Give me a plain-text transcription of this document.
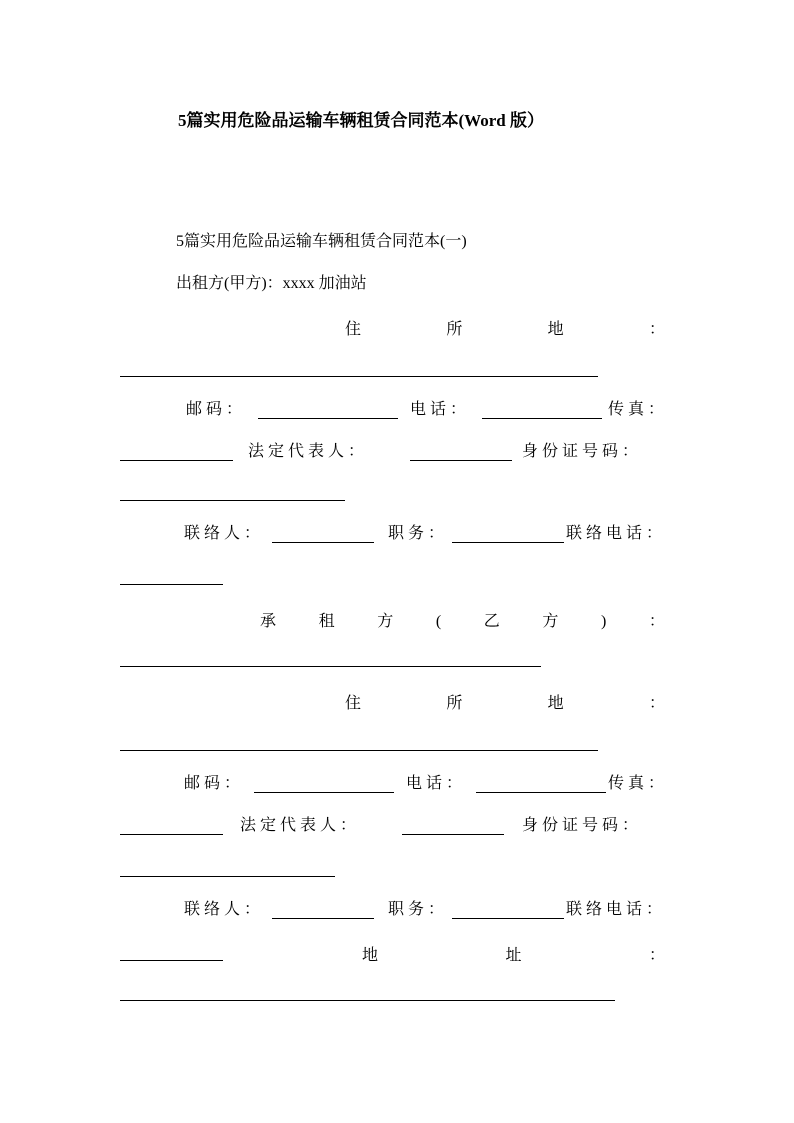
5篇实用危险品运输车辆租赁合同范本(Word 版）
5篇实用危险品运输车辆租赁合同范本(一)
出租方(甲方)：xxxx 加油站
住	所	地	：
邮 码 ：	电 话 ：	传 真 ：
法 定 代 表 人 ：	身 份 证 号 码 ：
联 络 人 ：	职 务 ：	联 络 电 话 ：
承	租	方	(	乙	方	)	：
住	所	地	：
邮 码 ：	电 话 ：	传 真 ：
法 定 代 表 人 ：	身 份 证 号 码 ：
联 络 人 ：	职 务 ：	联 络 电 话 ：
地	址	：
